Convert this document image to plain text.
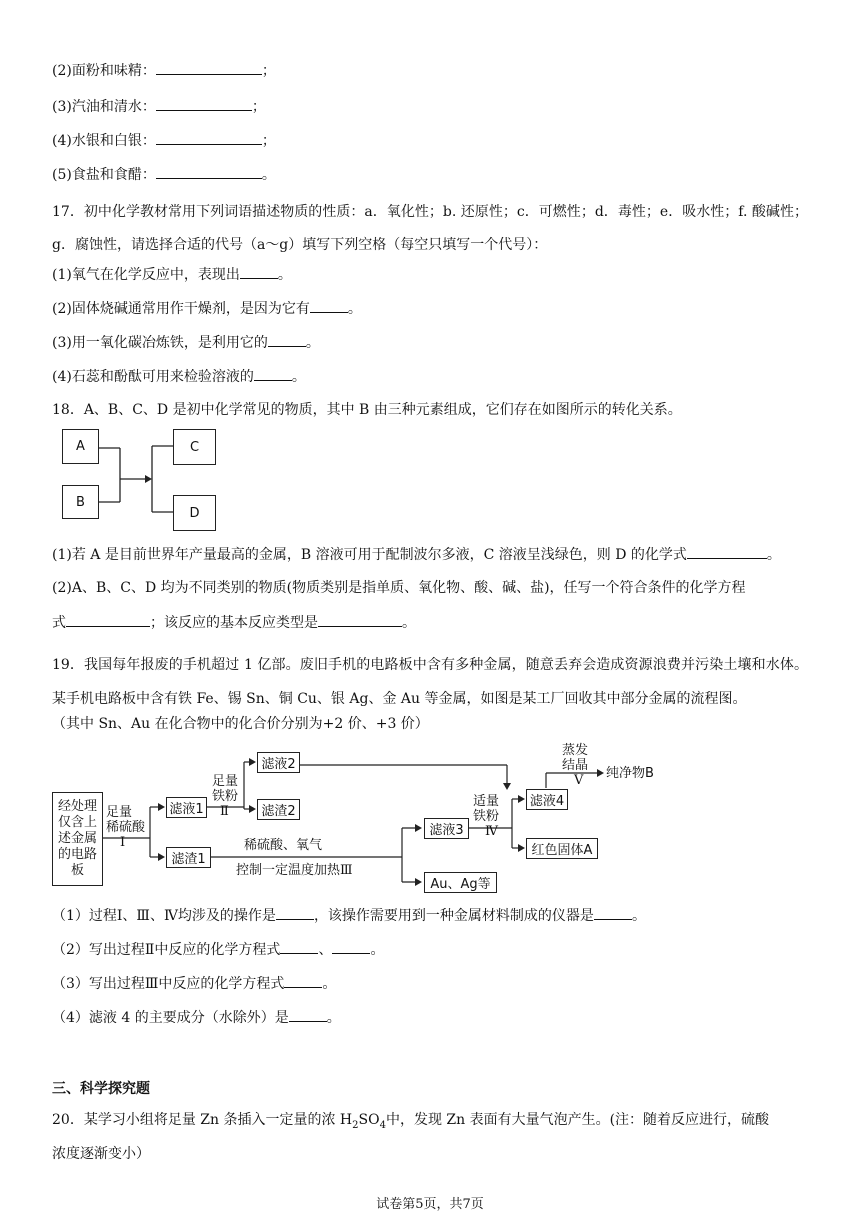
(2)面粉和味精：	；
(3)汽油和清水：	；
(4)水银和白银：	；
(5)食盐和食醋：	。
17．初中化学教材常用下列词语描述物质的性质：a．氧化性；b. 还原性；c．可燃性；d．毒性；e．吸水性；f. 酸碱性；g．腐蚀性，请选择合适的代号（a～g）填写下列空格（每空只填写一个代号）：
(1)氧气在化学反应中，表现出	。
(2)固体烧碱通常用作干燥剂，是因为它有	。
(3)用一氧化碳冶炼铁，是利用它的	。
(4)石蕊和酚酞可用来检验溶液的	。
18．A、B、C、D 是初中化学常见的物质，其中 B 由三种元素组成，它们存在如图所示的转化关系。
A
B
C
D
(1)若 A 是目前世界年产量最高的金属，B 溶液可用于配制波尔多液，C 溶液呈浅绿色，则 D 的化学式	。
(2)A、B、C、D 均为不同类别的物质(物质类别是指单质、氧化物、酸、碱、盐)，任写一个符合条件的化学方程
式	；该反应的基本反应类型是	。
19．我国每年报废的手机超过 1 亿部。废旧手机的电路板中含有多种金属，随意丢弃会造成资源浪费并污染土壤和水体。某手机电路板中含有铁 Fe、锡 Sn、铜 Cu、银 Ag、金 Au 等金属，如图是某工厂回收其中部分金属的流程图。
（其中 Sn、Au 在化合物中的化合价分别为+2 价、+3 价）
经处理
仅含上
述金属
的电路
板
足量
稀硫酸
Ⅰ
滤液1
滤渣1
足量
铁粉
Ⅱ
滤液2
滤渣2
稀硫酸、氧气
控制一定温度加热Ⅲ
滤液3
Au、Ag等
适量
铁粉
Ⅳ
滤液4
红色固体A
蒸发
结晶
Ⅴ	纯净物B
（1）过程Ⅰ、Ⅲ、Ⅳ均涉及的操作是	，该操作需要用到一种金属材料制成的仪器是	。
（2）写出过程Ⅱ中反应的化学方程式	、	。
（3）写出过程Ⅲ中反应的化学方程式	。
（4）滤液 4 的主要成分（水除外）是	。
三、科学探究题
20．某学习小组将足量 Zn 条插入一定量的浓 $H_2SO_4$中，发现 Zn 表面有大量气泡产生。(注：随着反应进行，硫酸
浓度逐渐变小）
试卷第5页，共7页
